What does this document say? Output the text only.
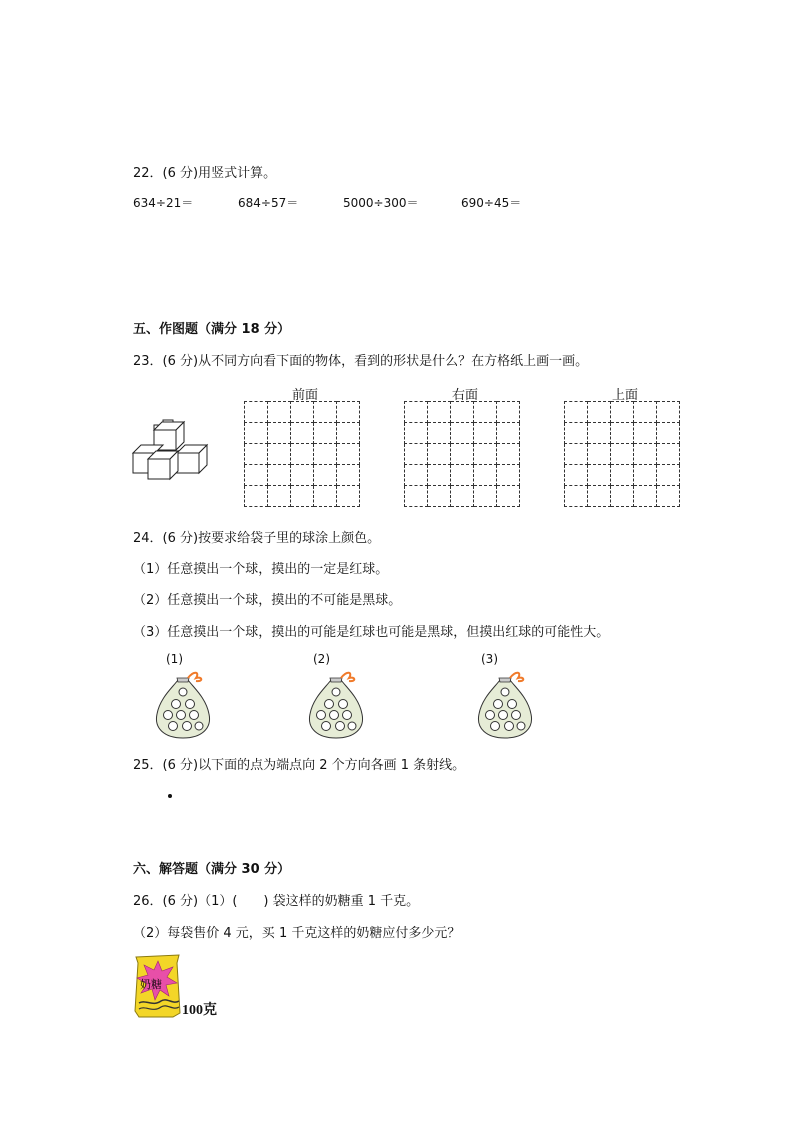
22．(6 分)用竖式计算。
634÷21＝	684÷57＝	5000÷300＝	690÷45＝
五、作图题（满分 18 分）
23．(6 分)从不同方向看下面的物体，看到的形状是什么？在方格纸上画一画。
前面	右面	上面

24．(6 分)按要求给袋子里的球涂上颜色。
（1）任意摸出一个球，摸出的一定是红球。
（2）任意摸出一个球，摸出的不可能是黑球。
（3）任意摸出一个球，摸出的可能是红球也可能是黑球，但摸出红球的可能性大。
(1)	(2)	(3)
25．(6 分)以下面的点为端点向 2 个方向各画 1 条射线。
六、解答题（满分 30 分）
26．(6 分)（1）(　　) 袋这样的奶糖重 1 千克。
（2）每袋售价 4 元，买 1 千克这样的奶糖应付多少元？
奶糖
100克
